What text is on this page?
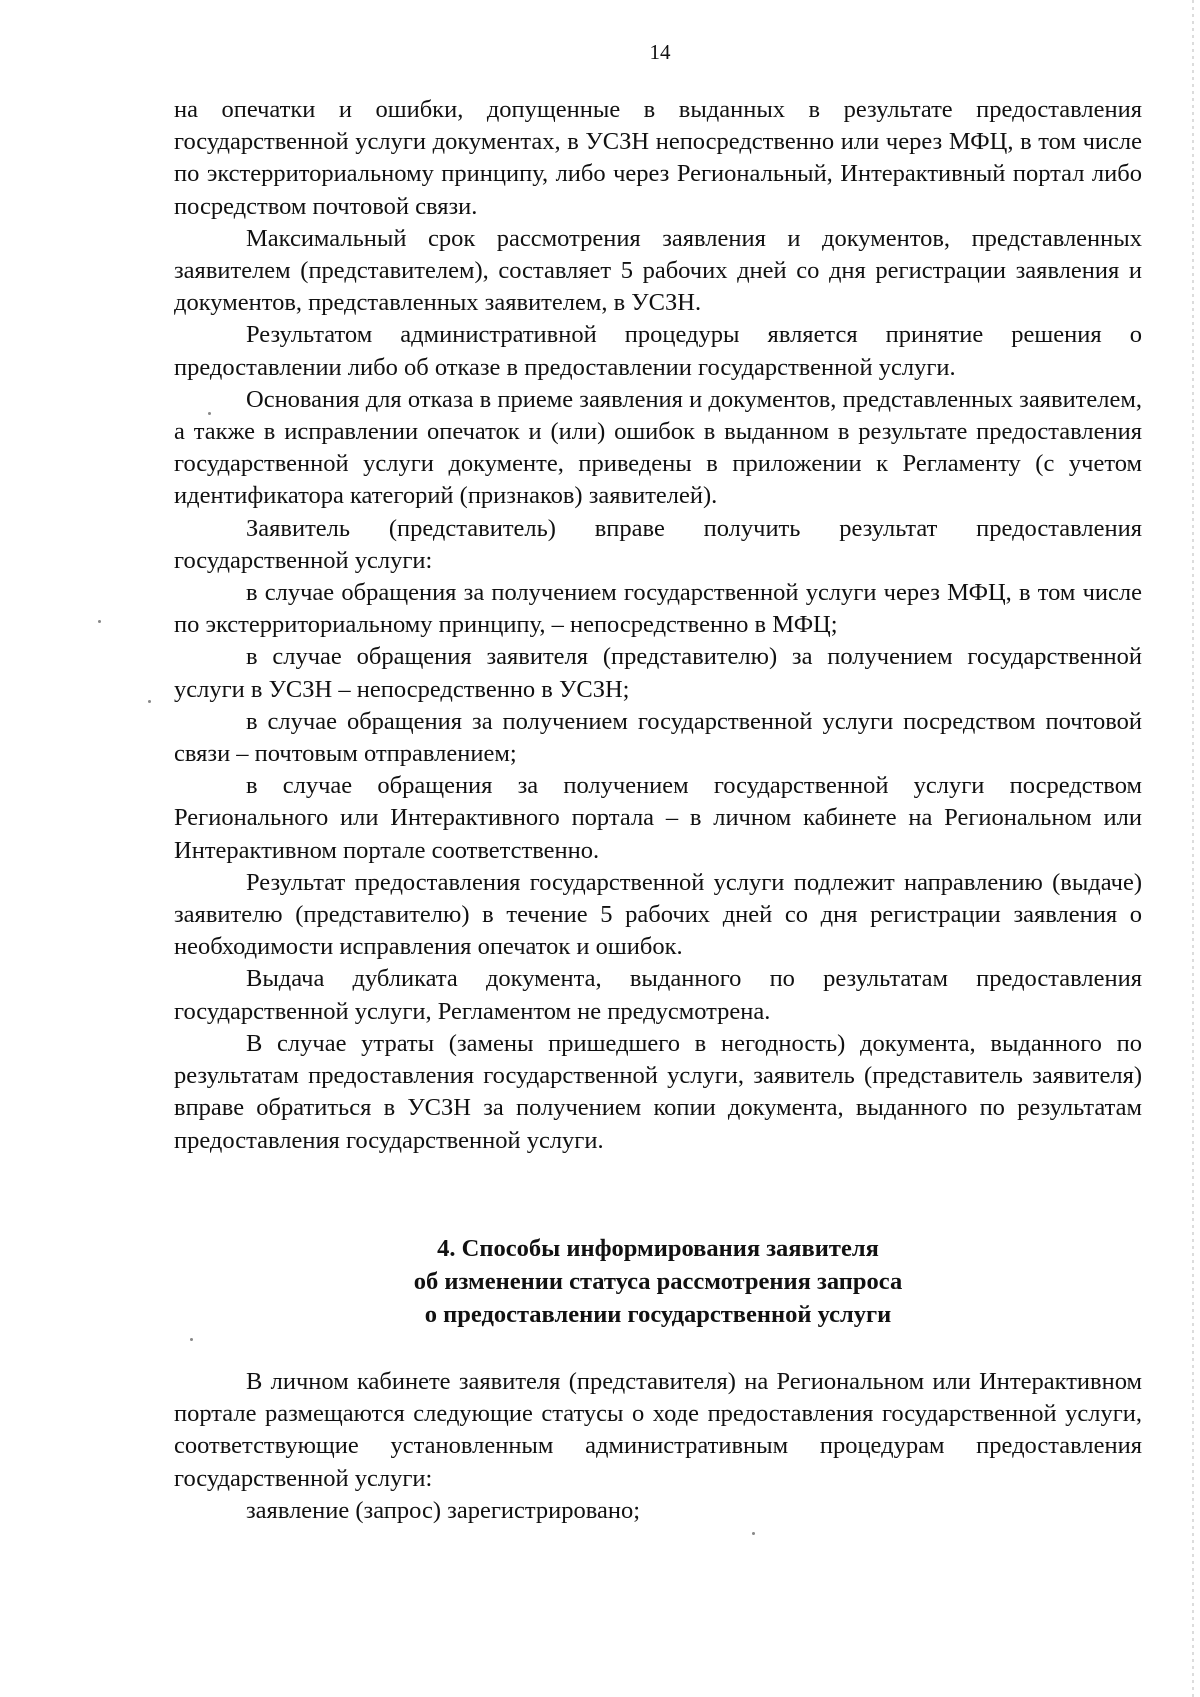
14

на опечатки и ошибки, допущенные в выданных в результате предоставления государственной услуги документах, в УСЗН непосредственно или через МФЦ, в том числе по экстерриториальному принципу, либо через Региональный, Интерактивный портал либо посредством почтовой связи.

Максимальный срок рассмотрения заявления и документов, представленных заявителем (представителем), составляет 5 рабочих дней со дня регистрации заявления и документов, представленных заявителем, в УСЗН.

Результатом административной процедуры является принятие решения о предоставлении либо об отказе в предоставлении государственной услуги.

Основания для отказа в приеме заявления и документов, представленных заявителем, а также в исправлении опечаток и (или) ошибок в выданном в результате предоставления государственной услуги документе, приведены в приложении к Регламенту (с учетом идентификатора категорий (признаков) заявителей).

Заявитель (представитель) вправе получить результат предоставления государственной услуги:

в случае обращения за получением государственной услуги через МФЦ, в том числе по экстерриториальному принципу, – непосредственно в МФЦ;

в случае обращения заявителя (представителю) за получением государственной услуги в УСЗН – непосредственно в УСЗН;

в случае обращения за получением государственной услуги посредством почтовой связи – почтовым отправлением;

в случае обращения за получением государственной услуги посредством Регионального или Интерактивного портала – в личном кабинете на Региональном или Интерактивном портале соответственно.

Результат предоставления государственной услуги подлежит направлению (выдаче) заявителю (представителю) в течение 5 рабочих дней со дня регистрации заявления о необходимости исправления опечаток и ошибок.

Выдача дубликата документа, выданного по результатам предоставления государственной услуги, Регламентом не предусмотрена.

В случае утраты (замены пришедшего в негодность) документа, выданного по результатам предоставления государственной услуги, заявитель (представитель заявителя) вправе обратиться в УСЗН за получением копии документа, выданного по результатам предоставления государственной услуги.

4. Способы информирования заявителя
об изменении статуса рассмотрения запроса
о предоставлении государственной услуги

В личном кабинете заявителя (представителя) на Региональном или Интерактивном портале размещаются следующие статусы о ходе предоставления государственной услуги, соответствующие установленным административным процедурам предоставления государственной услуги:

заявление (запрос) зарегистрировано;
